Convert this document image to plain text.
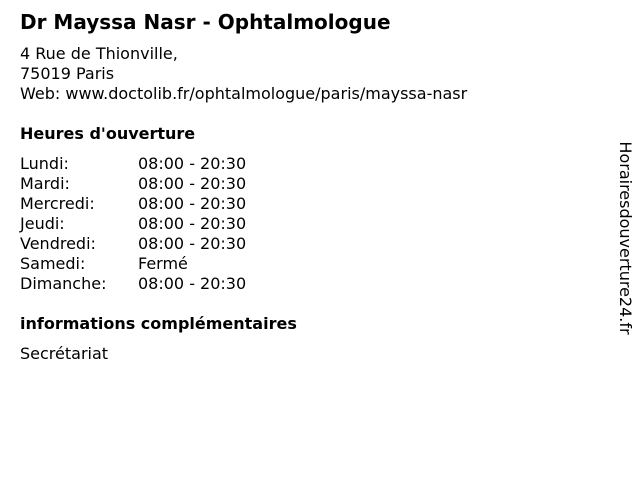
Dr Mayssa Nasr - Ophtalmologue
4 Rue de Thionville,
75019 Paris
Web: www.doctolib.fr/ophtalmologue/paris/mayssa-nasr
Heures d'ouverture
Lundi:	08:00 - 20:30
Mardi:	08:00 - 20:30
Mercredi:	08:00 - 20:30
Jeudi:	08:00 - 20:30
Vendredi:	08:00 - 20:30
Samedi:	Fermé
Dimanche:	08:00 - 20:30
informations complémentaires
Secrétariat
Horairesdouverture24.fr
